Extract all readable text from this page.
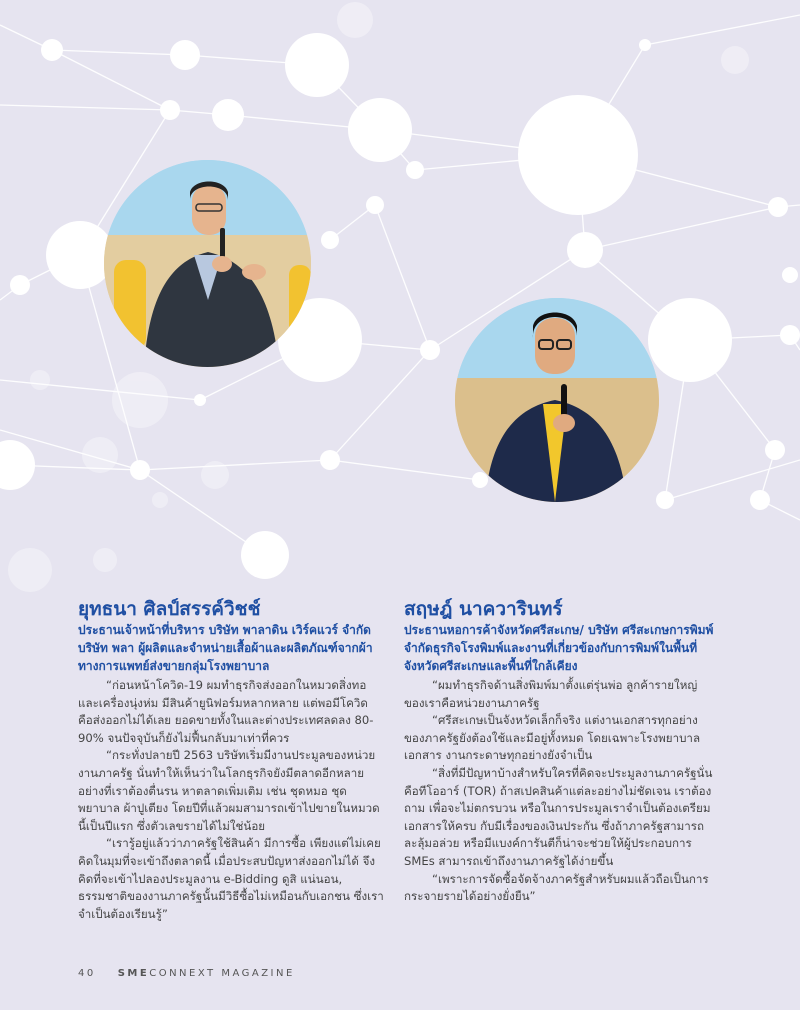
ยุทธนา ศิลป์สรรค์วิชช์

ประธานเจ้าหน้าที่บริหาร บริษัท พาลาดิน เวิร์คแวร์ จำกัด บริษัท พลา ผู้ผลิตและจำหน่ายเสื้อผ้าและผลิตภัณฑ์จากผ้าทางการแพทย์ส่งขายกลุ่มโรงพยาบาล

“ก่อนหน้าโควิด-19 ผมทำธุรกิจส่งออกในหมวดสิ่งทอและเครื่องนุ่งห่ม มีสินค้ายูนิฟอร์มหลากหลาย แต่พอมีโควิด คือส่งออกไม่ได้เลย ยอดขายทั้งในและต่างประเทศลดลง 80-90% จนปัจจุบันก็ยังไม่ฟื้นกลับมาเท่าที่ควร

“กระทั่งปลายปี 2563 บริษัทเริ่มมีงานประมูลของหน่วยงานภาครัฐ นั่นทำให้เห็นว่าในโลกธุรกิจยังมีตลาดอีกหลายอย่างที่เราต้องตื่นรน หาตลาดเพิ่มเติม เช่น ชุดหมอ ชุดพยาบาล ผ้าปูเตียง โดยปีที่แล้วผมสามารถเข้าไปขายในหมวดนี้เป็นปีแรก ซึ่งตัวเลขรายได้ไม่ใช่น้อย

“เรารู้อยู่แล้วว่าภาครัฐใช้สินค้า มีการซื้อ เพียงแต่ไม่เคยคิดในมุมที่จะเข้าถึงตลาดนี้ เมื่อประสบปัญหาส่งออกไม่ได้ จึงคิดที่จะเข้าไปลองประมูลงาน e-Bidding ดูสิ แน่นอน, ธรรมชาติของงานภาครัฐนั้นมีวิธีซื้อไม่เหมือนกับเอกชน ซึ่งเราจำเป็นต้องเรียนรู้”

สฤษฎ์ นาควารินทร์

ประธานหอการค้าจังหวัดศรีสะเกษ/ บริษัท ศรีสะเกษการพิมพ์ จำกัดธุรกิจโรงพิมพ์และงานที่เกี่ยวข้องกับการพิมพ์ในพื้นที่จังหวัดศรีสะเกษและพื้นที่ใกล้เคียง

“ผมทำธุรกิจด้านสิ่งพิมพ์มาตั้งแต่รุ่นพ่อ ลูกค้ารายใหญ่ของเราคือหน่วยงานภาครัฐ

“ศรีสะเกษเป็นจังหวัดเล็กก็จริง แต่งานเอกสารทุกอย่างของภาครัฐยังต้องใช้และมีอยู่ทั้งหมด โดยเฉพาะโรงพยาบาล เอกสาร งานกระดาษทุกอย่างยังจำเป็น

“สิ่งที่มีปัญหาบ้างสำหรับใครที่คิดจะประมูลงานภาครัฐนั่นคือทีโออาร์ (TOR) ถ้าสเปคสินค้าแต่ละอย่างไม่ชัดเจน เราต้องถาม เพื่อจะไม่ตกรบวน หรือในการประมูลเราจำเป็นต้องเตรียมเอกสารให้ครบ กับมีเรื่องของเงินประกัน ซึ่งถ้าภาครัฐสามารถละลุ้มอล่วย หรือมีแบงค์การันตีก็น่าจะช่วยให้ผู้ประกอบการ SMEs สามารถเข้าถึงงานภาครัฐได้ง่ายขึ้น

“เพราะการจัดซื้อจัดจ้างภาครัฐสำหรับผมแล้วถือเป็นการกระจายรายได้อย่างยั่งยืน”

40 SMECONNEXT MAGAZINE
